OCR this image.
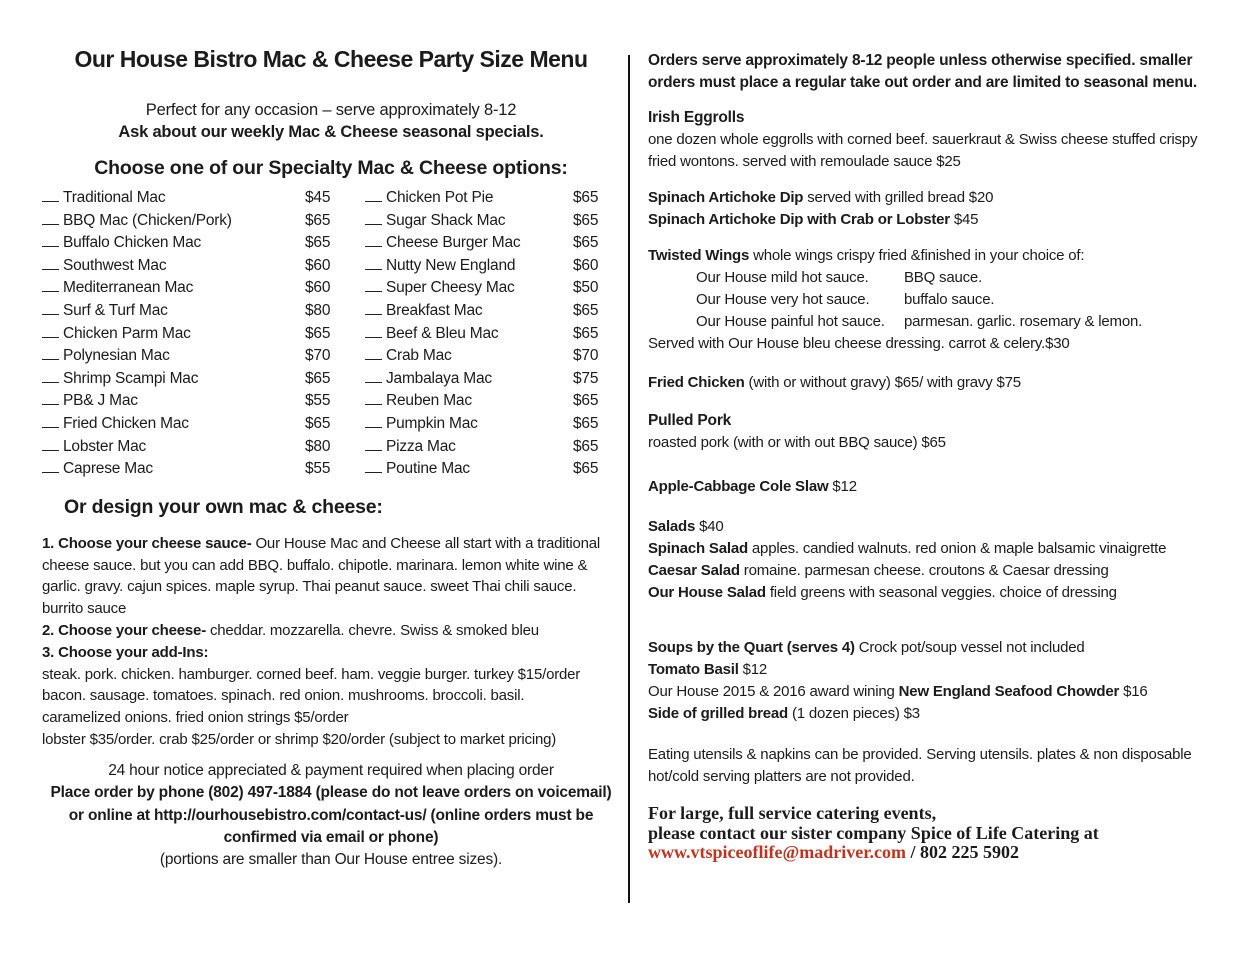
Our House Bistro Mac & Cheese Party Size Menu
Perfect for any occasion – serve approximately 8-12
Ask about our weekly Mac & Cheese seasonal specials.
Choose one of our Specialty Mac & Cheese options:
Traditional Mac	$45
BBQ Mac (Chicken/Pork)	$65
Buffalo Chicken Mac	$65
Southwest Mac	$60
Mediterranean Mac	$60
Surf & Turf Mac	$80
Chicken Parm Mac	$65
Polynesian Mac	$70
Shrimp Scampi Mac	$65
PB& J Mac	$55
Fried Chicken Mac	$65
Lobster Mac	$80
Caprese Mac	$55
Chicken Pot Pie	$65
Sugar Shack Mac	$65
Cheese Burger Mac	$65
Nutty New England	$60
Super Cheesy Mac	$50
Breakfast Mac	$65
Beef & Bleu Mac	$65
Crab Mac	$70
Jambalaya Mac	$75
Reuben Mac	$65
Pumpkin Mac	$65
Pizza Mac	$65
Poutine Mac	$65
Or design your own mac & cheese:

1. Choose your cheese sauce- Our House Mac and Cheese all start with a traditional cheese sauce. but you can add BBQ. buffalo. chipotle. marinara. lemon white wine & garlic. gravy. cajun spices. maple syrup. Thai peanut sauce. sweet Thai chili sauce. burrito sauce

2. Choose your cheese- cheddar. mozzarella. chevre. Swiss & smoked bleu

3. Choose your add-Ins:

steak. pork. chicken. hamburger. corned beef. ham. veggie burger. turkey $15/order
bacon. sausage. tomatoes. spinach. red onion. mushrooms. broccoli. basil.
caramelized onions. fried onion strings $5/order
lobster $35/order. crab $25/order or shrimp $20/order (subject to market pricing)
24 hour notice appreciated & payment required when placing order
Place order by phone (802) 497-1884 (please do not leave orders on voicemail)
or online at http://ourhousebistro.com/contact-us/ (online orders must be confirmed via email or phone)
(portions are smaller than Our House entree sizes).
Orders serve approximately 8-12 people unless otherwise specified. smaller orders must place a regular take out order and are limited to seasonal menu.
Irish Eggrolls
one dozen whole eggrolls with corned beef. sauerkraut & Swiss cheese stuffed crispy fried wontons. served with remoulade sauce $25
Spinach Artichoke Dip served with grilled bread $20
Spinach Artichoke Dip with Crab or Lobster $45
Twisted Wings whole wings crispy fried &finished in your choice of:
Our House mild hot sauce.	BBQ sauce.
Our House very hot sauce.	buffalo sauce.
Our House painful hot sauce.	parmesan. garlic. rosemary & lemon.
Served with Our House bleu cheese dressing. carrot & celery.$30
Fried Chicken (with or without gravy) $65/ with gravy $75
Pulled Pork
roasted pork (with or with out BBQ sauce) $65
Apple-Cabbage Cole Slaw $12
Salads $40
Spinach Salad apples. candied walnuts. red onion & maple balsamic vinaigrette
Caesar Salad romaine. parmesan cheese. croutons & Caesar dressing
Our House Salad field greens with seasonal veggies. choice of dressing
Soups by the Quart (serves 4) Crock pot/soup vessel not included
Tomato Basil $12
Our House 2015 & 2016 award wining New England Seafood Chowder $16
Side of grilled bread (1 dozen pieces) $3
Eating utensils & napkins can be provided. Serving utensils. plates & non disposable hot/cold serving platters are not provided.
For large, full service catering events,
please contact our sister company Spice of Life Catering at
www.vtspiceoflife@madriver.com / 802 225 5902
